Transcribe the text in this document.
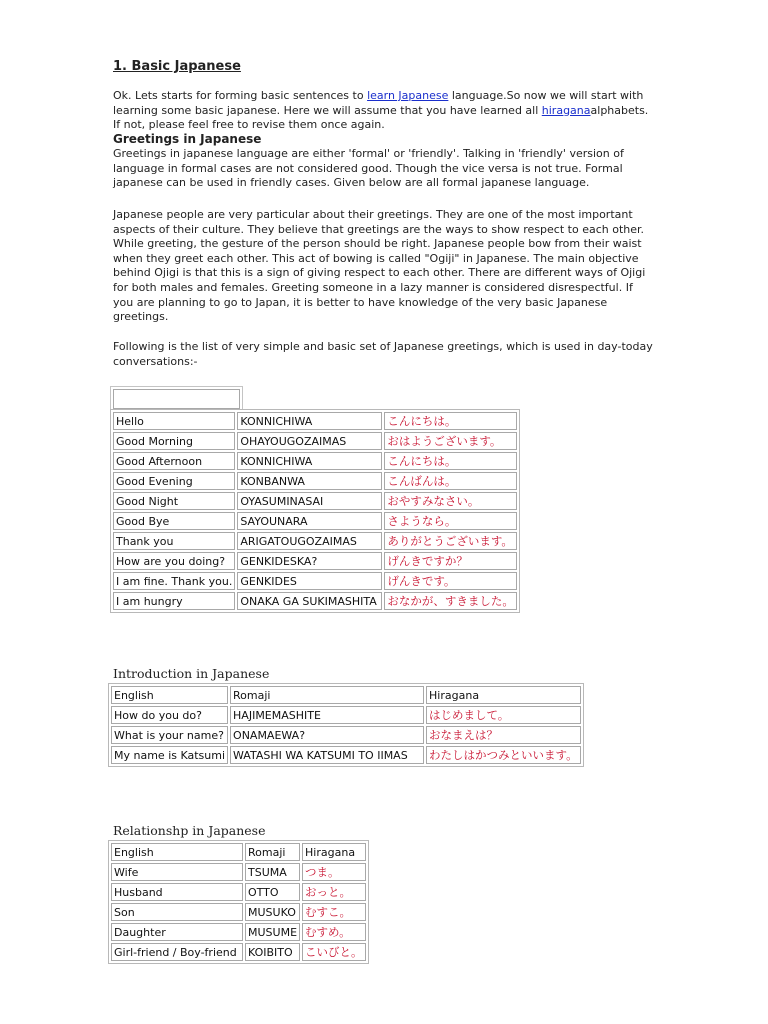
1. Basic Japanese

Ok. Lets starts for forming basic sentences to learn Japanese language.So now we will start with learning some basic japanese. Here we will assume that you have learned all hiraganaalphabets. If not, please feel free to revise them once again.

Greetings in Japanese

Greetings in japanese language are either 'formal' or 'friendly'. Talking in 'friendly' version of language in formal cases are not considered good. Though the vice versa is not true. Formal japanese can be used in friendly cases. Given below are all formal japanese language.

Japanese people are very particular about their greetings. They are one of the most important aspects of their culture. They believe that greetings are the ways to show respect to each other. While greeting, the gesture of the person should be right. Japanese people bow from their waist when they greet each other. This act of bowing is called "Ogiji" in Japanese. The main objective behind Ojigi is that this is a sign of giving respect to each other. There are different ways of Ojigi for both males and females. Greeting someone in a lazy manner is considered disrespectful. If you are planning to go to Japan, it is better to have knowledge of the very basic Japanese greetings.

Following is the list of very simple and basic set of Japanese greetings, which is used in day-today conversations:-

Hello	KONNICHIWA	こんにちは。
Good Morning	OHAYOUGOZAIMAS	おはようございます。
Good Afternoon	KONNICHIWA	こんにちは。
Good Evening	KONBANWA	こんばんは。
Good Night	OYASUMINASAI	おやすみなさい。
Good Bye	SAYOUNARA	さようなら。
Thank you	ARIGATOUGOZAIMAS	ありがとうございます。
How are you doing?	GENKIDESKA?	げんきですか？
I am fine. Thank you.	GENKIDES	げんきです。
I am hungry	ONAKA GA SUKIMASHITA	おなかが、すきました。
Introduction in Japanese
English	Romaji	Hiragana
How do you do?	HAJIMEMASHITE	はじめまして。
What is your name?	ONAMAEWA?	おなまえは？
My name is Katsumi	WATASHI WA KATSUMI TO IIMAS	わたしはかつみといいます。
Relationshp in Japanese
English	Romaji	Hiragana
Wife	TSUMA	つま。
Husband	OTTO	おっと。
Son	MUSUKO	むすこ。
Daughter	MUSUME	むすめ。
Girl-friend / Boy-friend	KOIBITO	こいびと。
